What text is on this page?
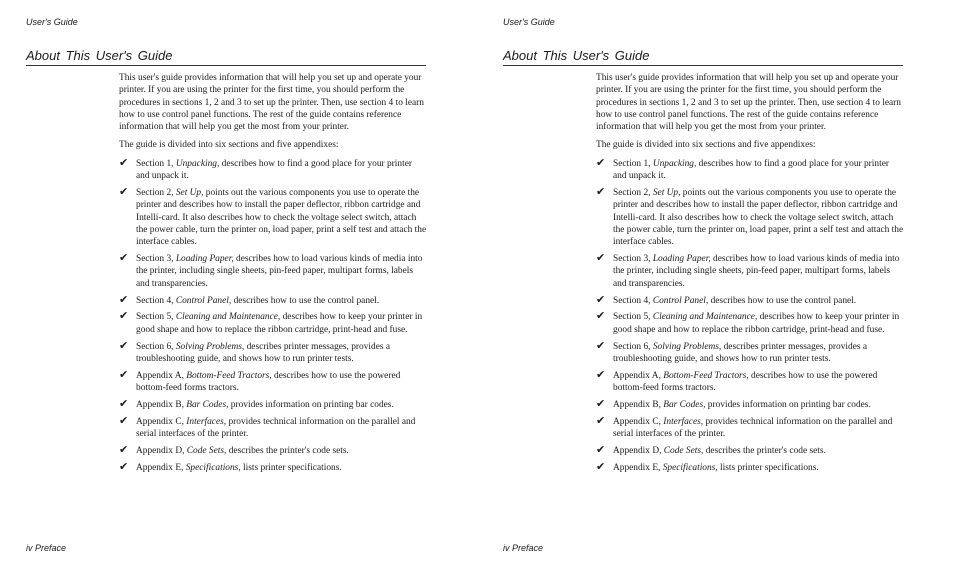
User's Guide
About This User's Guide

This user's guide provides information that will help you set up and operate your printer. If you are using the printer for the first time, you should perform the procedures in sections 1, 2 and 3 to set up the printer. Then, use section 4 to learn how to use control panel functions. The rest of the guide contains reference information that will help you get the most from your printer.

The guide is divided into six sections and five appendixes:

✔ Section 1, Unpacking, describes how to find a good place for your printer and unpack it.
✔ Section 2, Set Up, points out the various components you use to operate the printer and describes how to install the paper deflector, ribbon cartridge and Intelli-card. It also describes how to check the voltage select switch, attach the power cable, turn the printer on, load paper, print a self test and attach the interface cables.
✔ Section 3, Loading Paper, describes how to load various kinds of media into the printer, including single sheets, pin-feed paper, multipart forms, labels and transparencies.
✔ Section 4, Control Panel, describes how to use the control panel.
✔ Section 5, Cleaning and Maintenance, describes how to keep your printer in good shape and how to replace the ribbon cartridge, print-head and fuse.
✔ Section 6, Solving Problems, describes printer messages, provides a troubleshooting guide, and shows how to run printer tests.
✔ Appendix A, Bottom-Feed Tractors, describes how to use the powered bottom-feed forms tractors.
✔ Appendix B, Bar Codes, provides information on printing bar codes.
✔ Appendix C, Interfaces, provides technical information on the parallel and serial interfaces of the printer.
✔ Appendix D, Code Sets, describes the printer's code sets.
✔ Appendix E, Specifications, lists printer specifications.
iv Preface
User's Guide
About This User's Guide

This user's guide provides information that will help you set up and operate your printer. If you are using the printer for the first time, you should perform the procedures in sections 1, 2 and 3 to set up the printer. Then, use section 4 to learn how to use control panel functions. The rest of the guide contains reference information that will help you get the most from your printer.

The guide is divided into six sections and five appendixes:

✔ Section 1, Unpacking, describes how to find a good place for your printer and unpack it.
✔ Section 2, Set Up, points out the various components you use to operate the printer and describes how to install the paper deflector, ribbon cartridge and Intelli-card. It also describes how to check the voltage select switch, attach the power cable, turn the printer on, load paper, print a self test and attach the interface cables.
✔ Section 3, Loading Paper, describes how to load various kinds of media into the printer, including single sheets, pin-feed paper, multipart forms, labels and transparencies.
✔ Section 4, Control Panel, describes how to use the control panel.
✔ Section 5, Cleaning and Maintenance, describes how to keep your printer in good shape and how to replace the ribbon cartridge, print-head and fuse.
✔ Section 6, Solving Problems, describes printer messages, provides a troubleshooting guide, and shows how to run printer tests.
✔ Appendix A, Bottom-Feed Tractors, describes how to use the powered bottom-feed forms tractors.
✔ Appendix B, Bar Codes, provides information on printing bar codes.
✔ Appendix C, Interfaces, provides technical information on the parallel and serial interfaces of the printer.
✔ Appendix D, Code Sets, describes the printer's code sets.
✔ Appendix E, Specifications, lists printer specifications.
iv Preface
